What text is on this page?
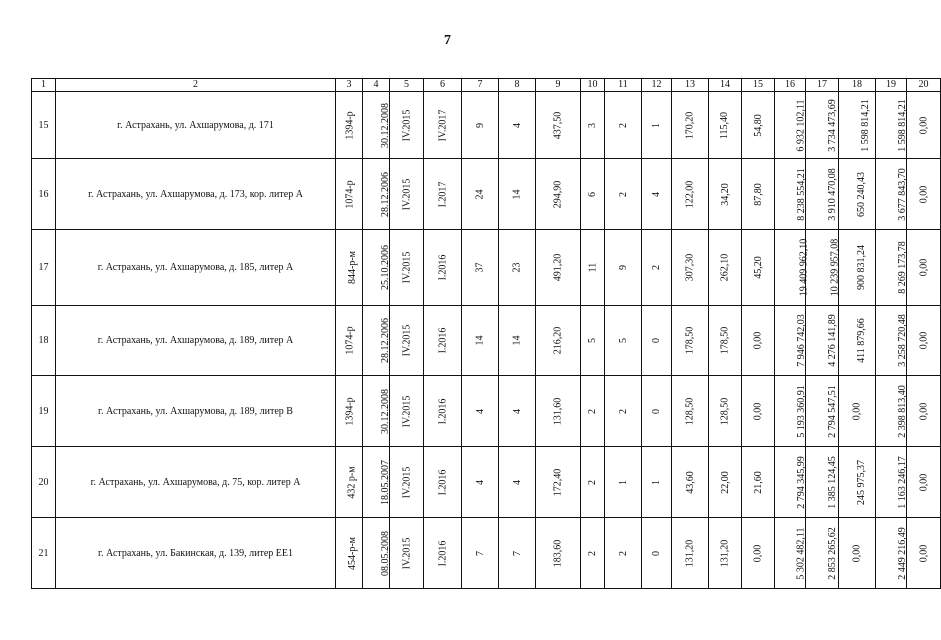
7
1	2	3	4	5	6	7	8	9	10	11	12	13	14	15	16	17	18	19	20
15	г. Астрахань, ул. Ахшарумова, д. 171	1394-р	30.12.2008	IV.2015	IV.2017	9	4	437,50	3	2	1	170,20	115,40	54,80	6 932 102,11	3 734 473,69	1 598 814,21	1 598 814,21	0,00
16	г. Астрахань, ул. Ахшарумова, д. 173, кор. литер А	1074-р	28.12.2006	IV.2015	I.2017	24	14	294,90	6	2	4	122,00	34,20	87,80	8 238 554,21	3 910 470,08	650 240,43	3 677 843,70	0,00
17	г. Астрахань, ул. Ахшарумова, д. 185, литер А	844-р-м	25.10.2006	IV.2015	I.2016	37	23	491,20	11	9	2	307,30	262,10	45,20	19 409 962,10	10 239 957,08	900 831,24	8 269 173,78	0,00
18	г. Астрахань, ул. Ахшарумова, д. 189, литер А	1074-р	28.12.2006	IV.2015	I.2016	14	14	216,20	5	5	0	178,50	178,50	0,00	7 946 742,03	4 276 141,89	411 879,66	3 258 720,48	0,00
19	г. Астрахань, ул. Ахшарумова, д. 189, литер В	1394-р	30.12.2008	IV.2015	I.2016	4	4	131,60	2	2	0	128,50	128,50	0,00	5 193 360,91	2 794 547,51	0,00	2 398 813,40	0,00
20	г. Астрахань, ул. Ахшарумова, д. 75, кор. литер А	432 р-м	18.05.2007	IV.2015	I.2016	4	4	172,40	2	1	1	43,60	22,00	21,60	2 794 345,99	1 385 124,45	245 975,37	1 163 246,17	0,00
21	г. Астрахань, ул. Бакинская, д. 139, литер ЕЕ1	454-р-м	08.05.2008	IV.2015	I.2016	7	7	183,60	2	2	0	131,20	131,20	0,00	5 302 482,11	2 853 265,62	0,00	2 449 216,49	0,00
